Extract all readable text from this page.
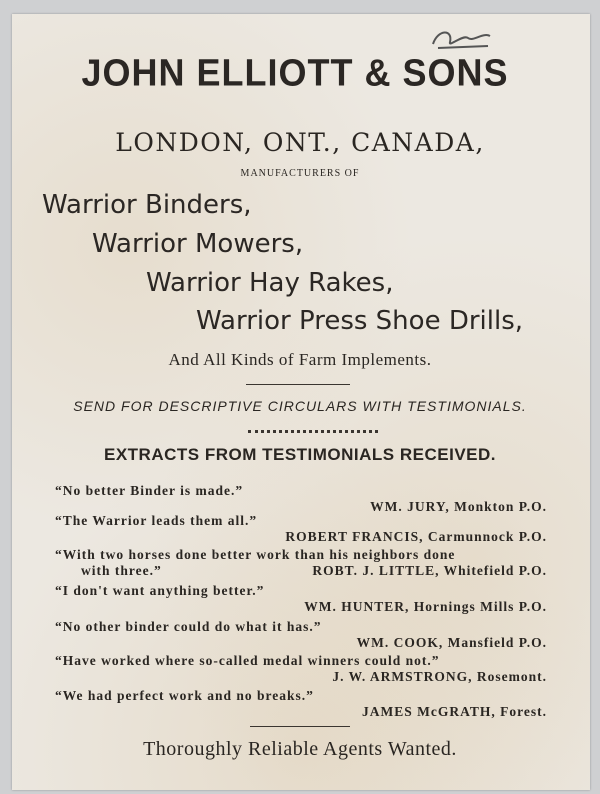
JOHN ELLIOTT & SONS
LONDON, ONT., CANADA,
MANUFACTURERS OF
Warrior Binders,
Warrior Mowers,
Warrior Hay Rakes,
Warrior Press Shoe Drills,
And All Kinds of Farm Implements.
SEND FOR DESCRIPTIVE CIRCULARS WITH TESTIMONIALS.
EXTRACTS FROM TESTIMONIALS RECEIVED.
“No better Binder is made.”
WM. JURY, Monkton P.O.
“The Warrior leads them all.”
ROBERT FRANCIS, Carmunnock P.O.
“With two horses done better work than his neighbors done
with three.”	ROBT. J. LITTLE, Whitefield P.O.
“I don't want anything better.”
WM. HUNTER, Hornings Mills P.O.
“No other binder could do what it has.”
WM. COOK, Mansfield P.O.
“Have worked where so-called medal winners could not.”
J. W. ARMSTRONG, Rosemont.
“We had perfect work and no breaks.”
JAMES McGRATH, Forest.
Thoroughly Reliable Agents Wanted.
